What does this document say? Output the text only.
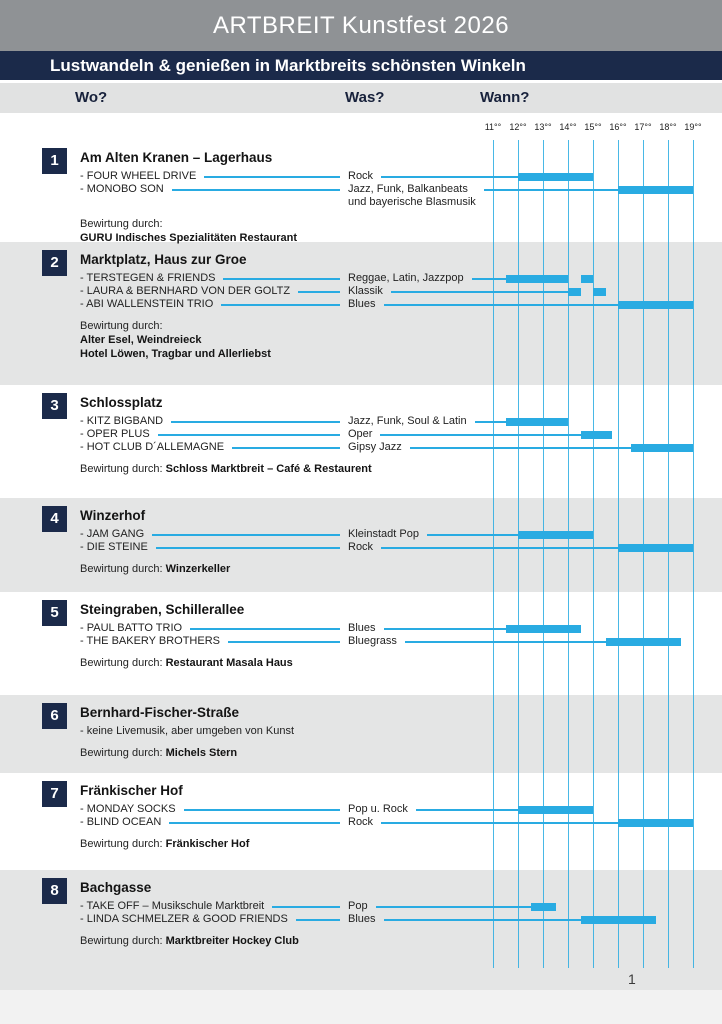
ARTBREIT Kunstfest 2026
Lustwandeln & genießen in Marktbreits schönsten Winkeln
Wo?	Was?	Wann?
11°° 12°° 13°° 14°° 15°° 16°° 17°° 18°° 19°°
1	Am Alten Kranen – Lagerhaus
- FOUR WHEEL DRIVE	Rock
- MONOBO SON	Jazz, Funk, Balkanbeats
und bayerische Blasmusik
Bewirtung durch:
GURU Indisches Spezialitäten Restaurant
2	Marktplatz, Haus zur Groe
- TERSTEGEN & FRIENDS	Reggae, Latin, Jazzpop
- LAURA & BERNHARD VON DER GOLTZ	Klassik
- ABI WALLENSTEIN TRIO	Blues
Bewirtung durch:
Alter Esel, Weindreieck
Hotel Löwen, Tragbar und Allerliebst
3	Schlossplatz
- KITZ BIGBAND	Jazz, Funk, Soul & Latin
- OPER PLUS	Oper
- HOT CLUB D´ALLEMAGNE	Gipsy Jazz
Bewirtung durch: Schloss Marktbreit – Café & Restaurent
4	Winzerhof
- JAM GANG	Kleinstadt Pop
- DIE STEINE	Rock
Bewirtung durch: Winzerkeller
5	Steingraben, Schillerallee
- PAUL BATTO TRIO	Blues
- THE BAKERY BROTHERS	Bluegrass
Bewirtung durch: Restaurant Masala Haus
6	Bernhard-Fischer-Straße
- keine Livemusik, aber umgeben von Kunst
Bewirtung durch: Michels Stern
7	Fränkischer Hof
- MONDAY SOCKS	Pop u. Rock
- BLIND OCEAN	Rock
Bewirtung durch: Fränkischer Hof
8	Bachgasse
- TAKE OFF – Musikschule Marktbreit	Pop
- LINDA SCHMELZER & GOOD FRIENDS	Blues
Bewirtung durch: Marktbreiter Hockey Club
1
